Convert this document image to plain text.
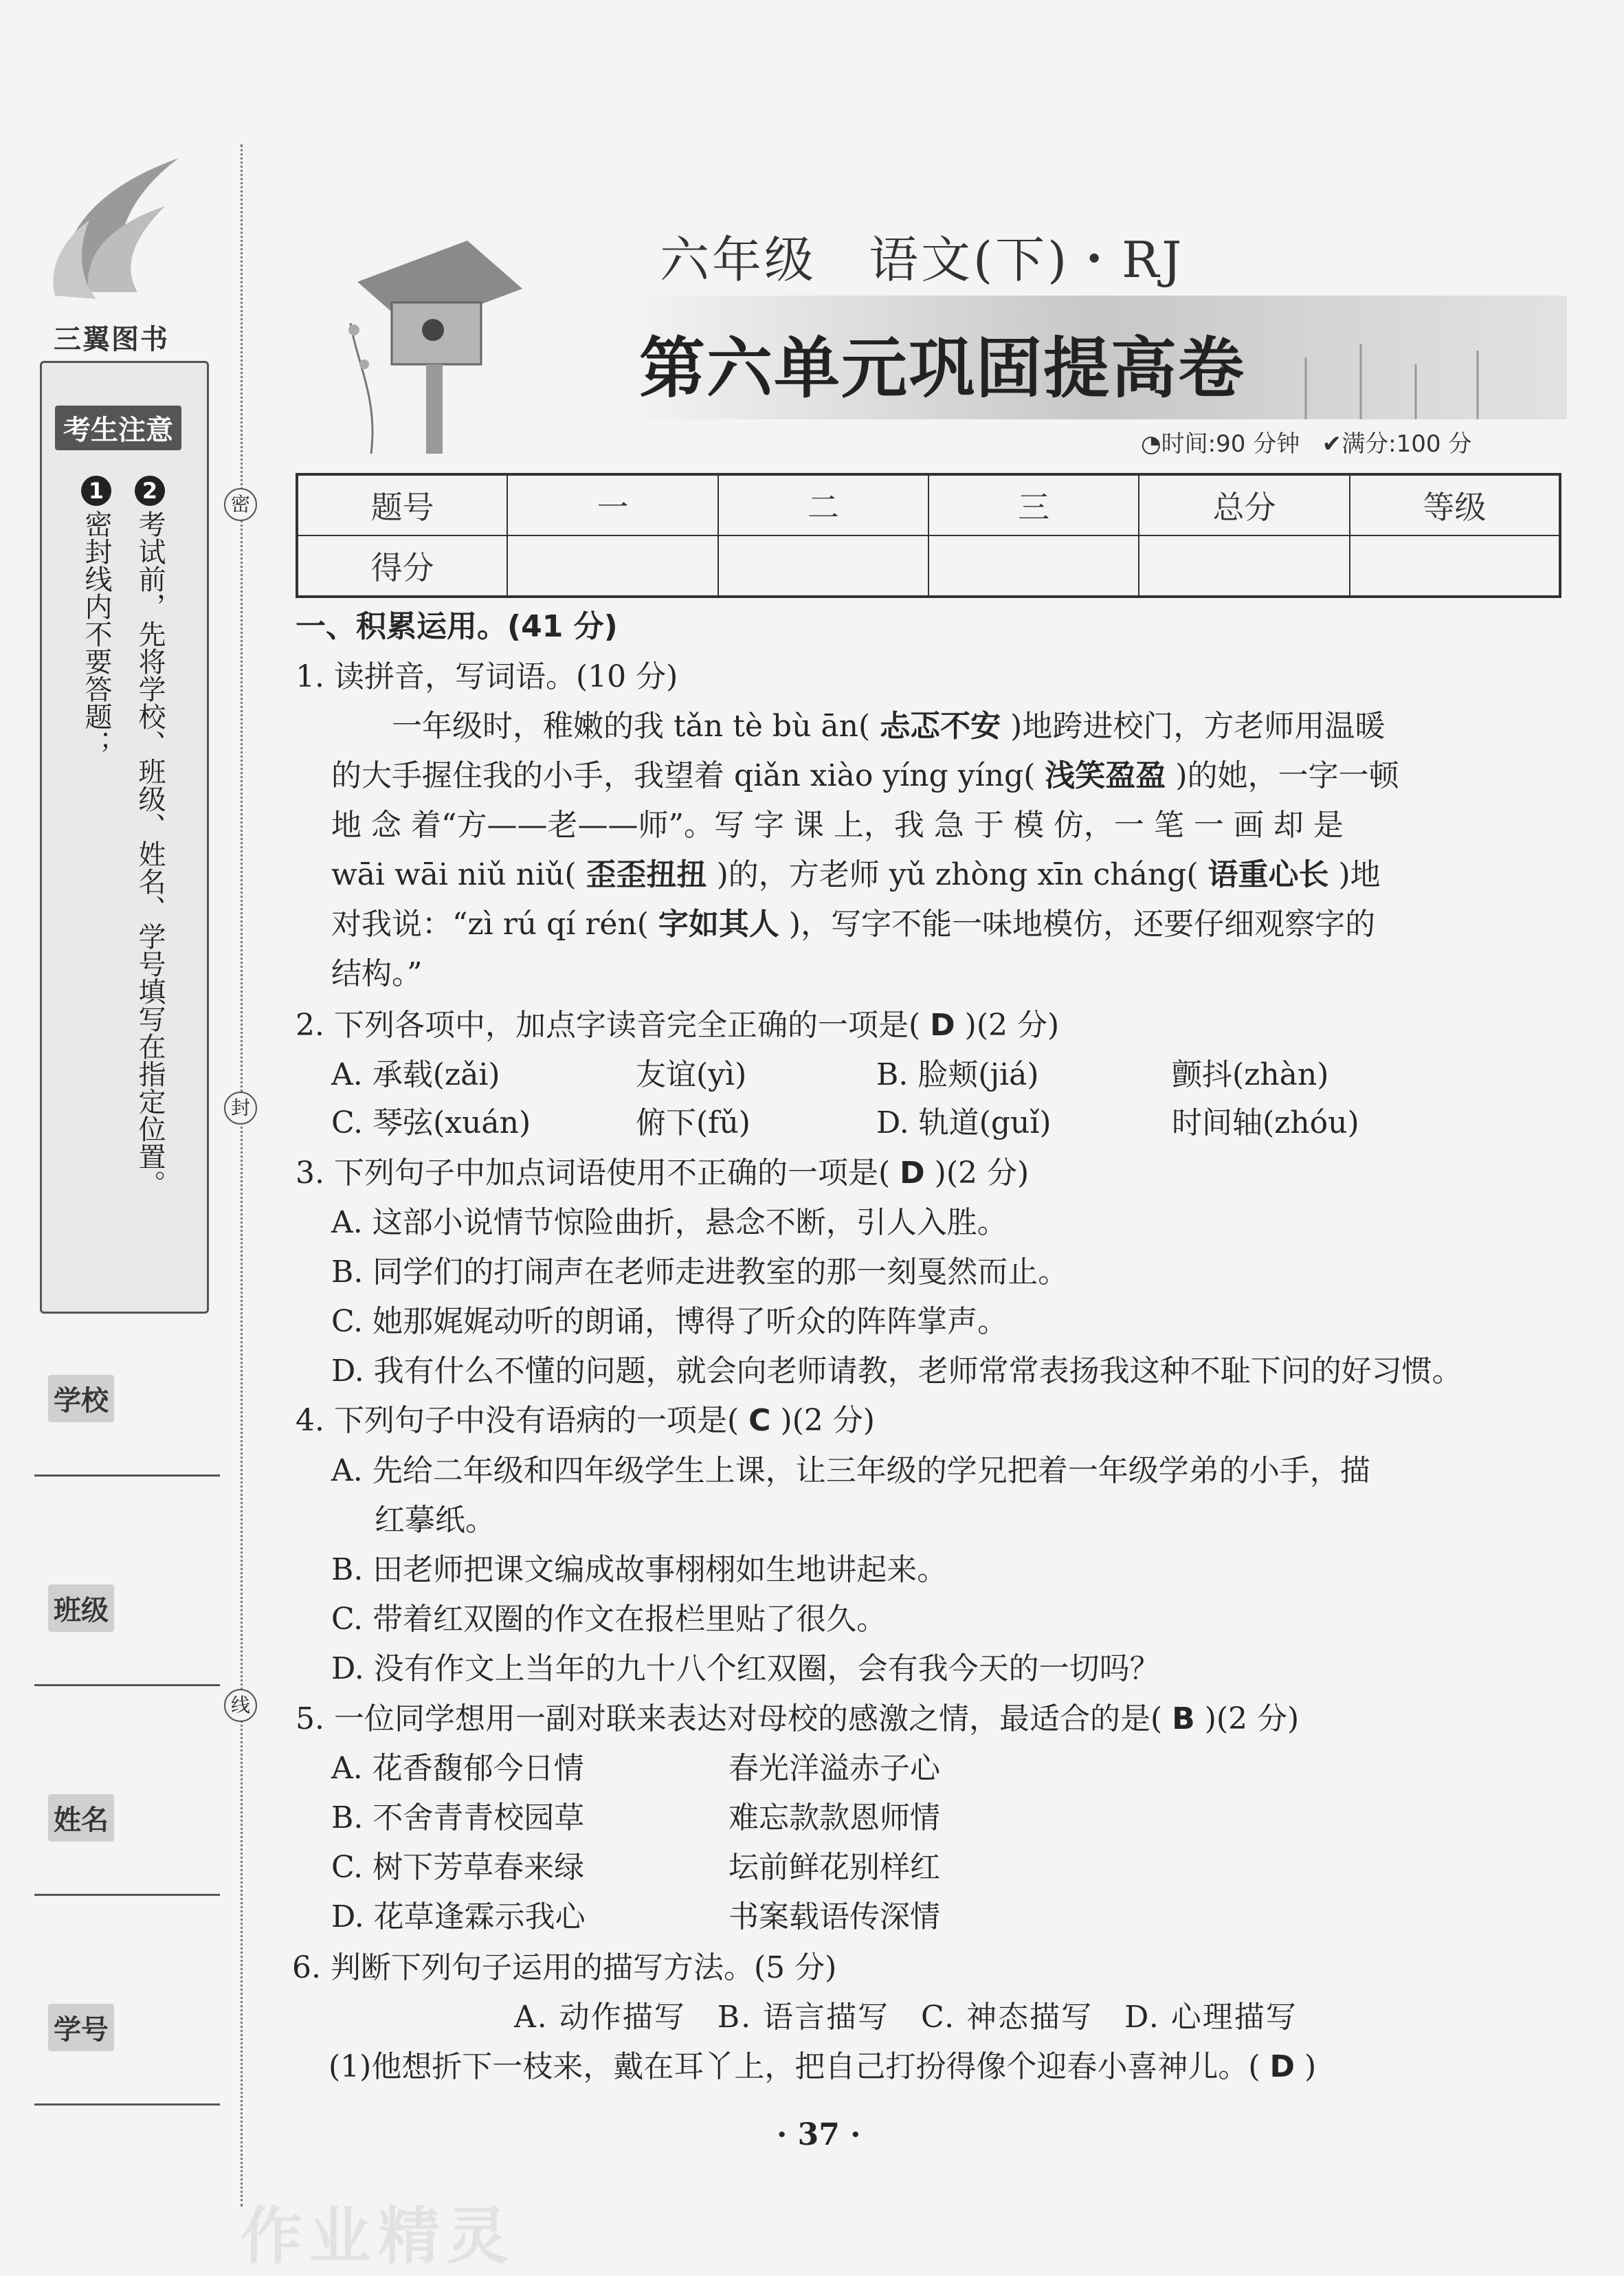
三翼图书
考生注意
1
密封线内不要答题；
2
考试前，先将学校、班级、姓名、学号填写在指定位置。
学校
班级
姓名
学号
密
封
线
六年级　语文(下)・RJ
第六单元巩固提高卷
◔时间:90 分钟 ✔满分:100 分
题号	一	二	三	总分	等级
得分					
一、积累运用。(41 分)
1. 读拼音，写词语。(10 分)
一年级时，稚嫩的我 tǎn tè bù ān( 忐忑不安 )地跨进校门，方老师用温暖
的大手握住我的小手，我望着 qiǎn xiào yíng yíng( 浅笑盈盈 )的她，一字一顿
地 念 着“方——老——师”。写 字 课 上，我 急 于 模 仿，一 笔 一 画 却 是
wāi wāi niǔ niǔ( 歪歪扭扭 )的，方老师 yǔ zhòng xīn cháng( 语重心长 )地
对我说：“zì rú qí rén( 字如其人 )，写字不能一味地模仿，还要仔细观察字的
结构。”
2. 下列各项中，加点字读音完全正确的一项是( D )(2 分)
A. 承载(zǎi)	友谊(yì)	B. 脸颊(jiá)	颤抖(zhàn)
C. 琴弦(xuán)	俯下(fǔ)	D. 轨道(guǐ)	时间轴(zhóu)
3. 下列句子中加点词语使用不正确的一项是( D )(2 分)
A. 这部小说情节惊险曲折，悬念不断，引人入胜。
B. 同学们的打闹声在老师走进教室的那一刻戛然而止。
C. 她那娓娓动听的朗诵，博得了听众的阵阵掌声。
D. 我有什么不懂的问题，就会向老师请教，老师常常表扬我这种不耻下问的好习惯。
4. 下列句子中没有语病的一项是( C )(2 分)
A. 先给二年级和四年级学生上课，让三年级的学兄把着一年级学弟的小手，描
红摹纸。
B. 田老师把课文编成故事栩栩如生地讲起来。
C. 带着红双圈的作文在报栏里贴了很久。
D. 没有作文上当年的九十八个红双圈，会有我今天的一切吗？
5. 一位同学想用一副对联来表达对母校的感激之情，最适合的是( B )(2 分)
A. 花香馥郁今日情	春光洋溢赤子心
B. 不舍青青校园草	难忘款款恩师情
C. 树下芳草春来绿	坛前鲜花别样红
D. 花草逢霖示我心	书案载语传深情
6. 判断下列句子运用的描写方法。(5 分)
A. 动作描写　B. 语言描写　C. 神态描写　D. 心理描写
(1)他想折下一枝来，戴在耳丫上，把自己打扮得像个迎春小喜神儿。( D )
· 37 ·
作业精灵
